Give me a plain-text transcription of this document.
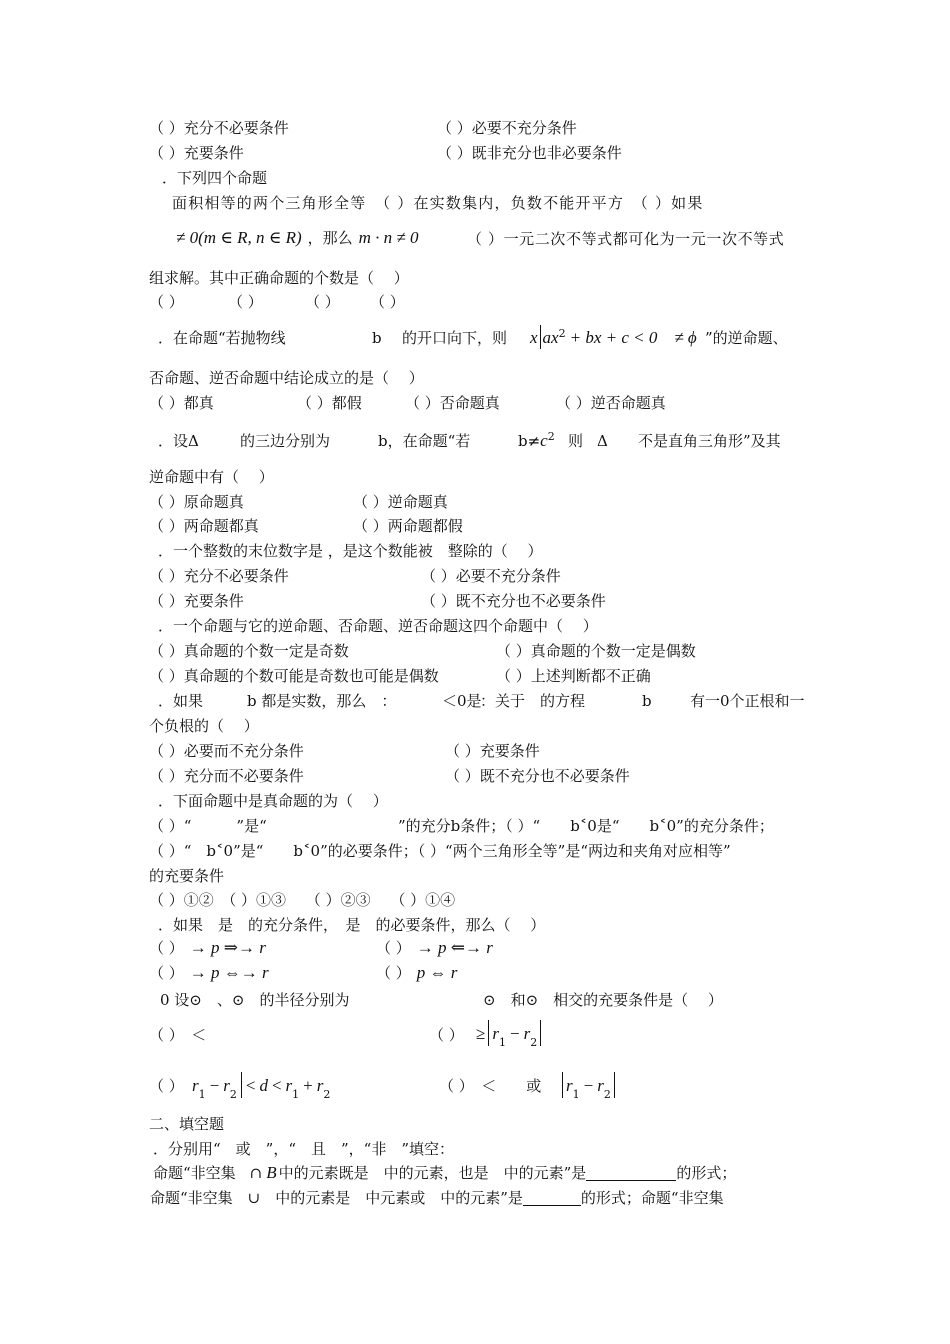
（ ）充分不必要条件	（ ）必要不充分条件
（ ）充要条件	（ ）既非充分也非必要条件
．下列四个命题
面积相等的两个三角形全等　（ ）在实数集内，负数不能开平方　（ ）如果
≠ 0(m ∈ R, n ∈ R) ，那么 m · n ≠ 0	（ ）一元二次不等式都可化为一元一次不等式
组求解。其中正确命题的个数是（　 ）
（ ）	（ ）	（ ） （ ）
．在命题“若抛物线	b 的开口向下，则 x $ax^2$ + bx + c < 0　≠ ϕ ”的逆命题、
否命题、逆否命题中结论成立的是（　 ）
（ ）都真	（ ）都假	（ ）否命题真	（ ）逆否命题真
．设Δ	的三边分别为	b，在命题“若	$b\ne c^2$ 则 Δ 不是直角三角形”及其
逆命题中有（　 ）
（ ）原命题真	（ ）逆命题真
（ ）两命题都真	（ ）两命题都假
．一个整数的末位数字是 ，是这个数能被　整除的（　 ）
（ ）充分不必要条件	（ ）必要不充分条件
（ ）充要条件	（ ）既不充分也不必要条件
．一个命题与它的逆命题、否命题、逆否命题这四个命题中（　 ）
（ ）真命题的个数一定是奇数	（ ）真命题的个数一定是偶数
（ ）真命题的个数可能是奇数也可能是偶数	（ ）上述判断都不正确
．如果	b 都是实数，那么　：	＜0是
：关于　的方程	b	有一0个正根和一
个负根的（　 ）
（ ）必要而不充分条件	（ ）充要条件
（ ）充分而不必要条件	（ ）既不充分也不必要条件
．下面命题中是真命题的为（　 ）
（ ）“　　　”是“	”的充分b条件；（ ）“　　b˂0是“　　b˂0”的充分条件；
（ ）“　b˂0”是“　　b˂0”的必要条件；（ ）“两个三角形全等”是“两边和夹角对应相等”
的充要条件
（ ）①②　（ ）①③　 （ ）②③　 （ ）①④
．如果　是　的充分条件，　是　的必要条件，那么（　 ）
（ ） → p ⇒→ r	（ ） → p ⇐→ r
（ ） → p ⇔→ r	（ ） p ⇔ r
0 设⊙　、⊙　的半径分别为	⊙　和⊙　相交的充要条件是（　 ）
（ ）　＜	（ ） ≥ $r_1 - r_2$
（ ） $r_1 - r_2 < d < r_1 + r_2$	（ ）　＜　　或 $r_1 - r_2$
二、填空题
．分别用“　或　”，“　且　”，“非　”填空：
命题“非空集 ∩ B 中的元素既是　中的元素，也是　中的元素”是	的形式；
命题“非空集　∪　中的元素是　中元素或　中的元素”是	的形式；命题“非空集
